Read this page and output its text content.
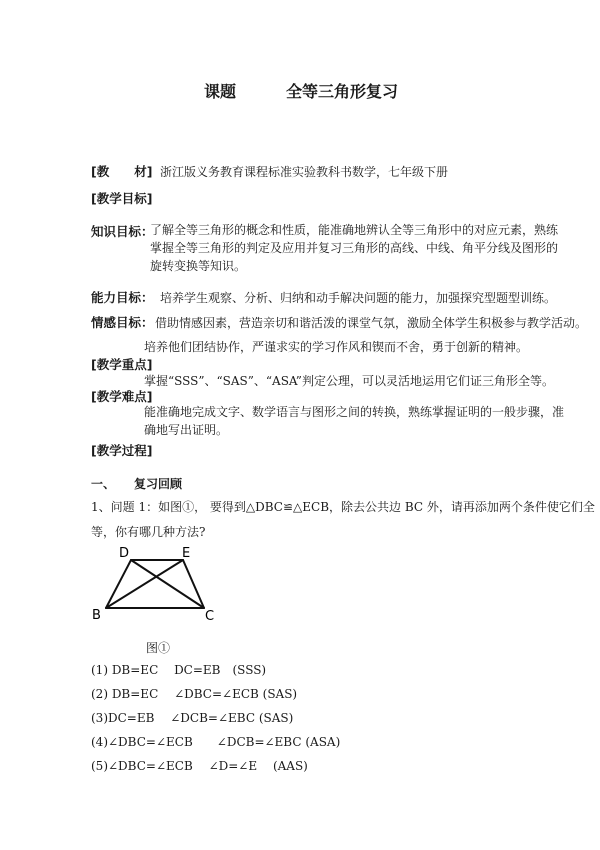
课题	全等三角形复习
[教　　材] 浙江版义务教育课程标准实验教科书数学，七年级下册
[教学目标]
知识目标：
了解全等三角形的概念和性质，能准确地辨认全等三角形中的对应元素，熟练
掌握全等三角形的判定及应用并复习三角形的高线、中线、角平分线及图形的
旋转变换等知识。
能力目标： 培养学生观察、分析、归纳和动手解决问题的能力，加强探究型题型训练。
情感目标： 借助情感因素，营造亲切和谐活泼的课堂气氛，激励全体学生积极参与教学活动。
培养他们团结协作，严谨求实的学习作风和锲而不舍，勇于创新的精神。
[教学重点]
掌握“SSS”、“SAS”、“ASA”判定公理，可以灵活地运用它们证三角形全等。
[教学难点]
能准确地完成文字、数学语言与图形之间的转换，熟练掌握证明的一般步骤，准
确地写出证明。
[教学过程]
一、 复习回顾
1、问题 1：如图①， 要得到△DBC≌△ECB，除去公共边 BC 外，请再添加两个条件使它们全
等，你有哪几种方法?
D	E
B	C
图①
(1) DB=EC　 DC=EB　(SSS)
(2) DB=EC　 ∠DBC=∠ECB (SAS)
(3)DC=EB　 ∠DCB=∠EBC (SAS)
(4)∠DBC=∠ECB　　∠DCB=∠EBC (ASA)
(5)∠DBC=∠ECB　 ∠D=∠E　 (AAS)
